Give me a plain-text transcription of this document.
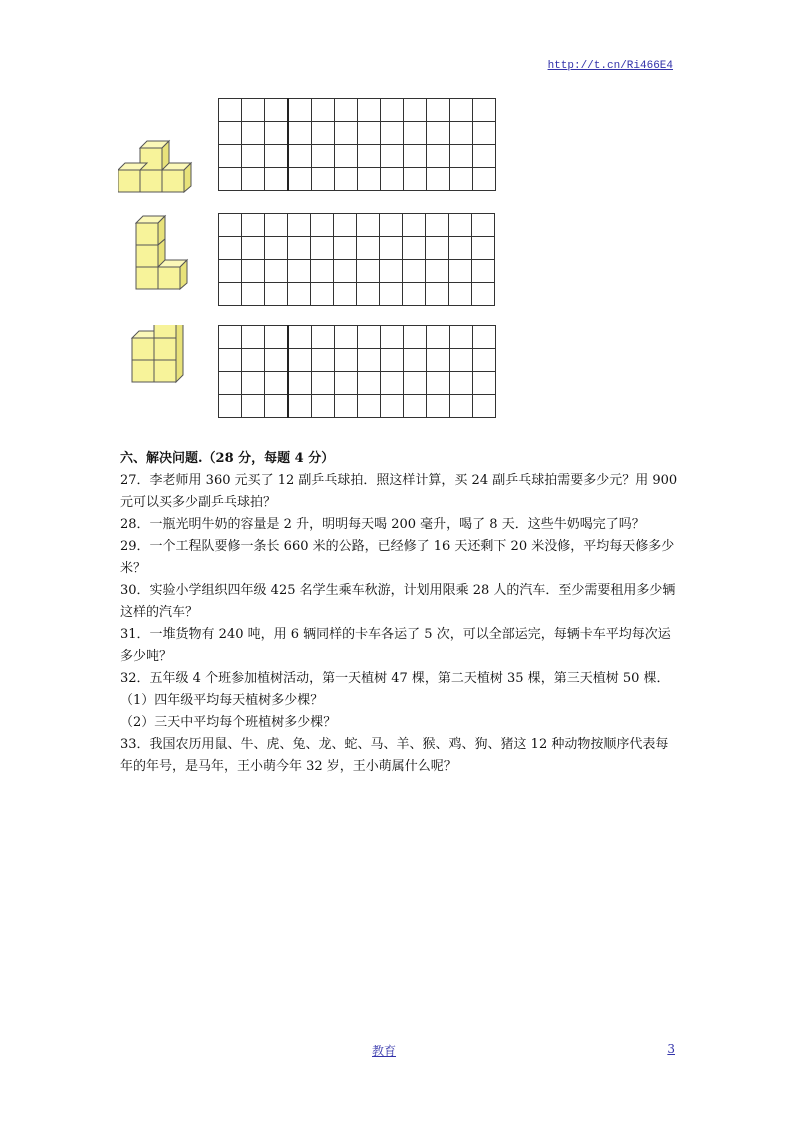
http://t.cn/Ri466E4

六、解决问题.（28 分，每题 4 分）

27．李老师用 360 元买了 12 副乒乓球拍．照这样计算，买 24 副乒乓球拍需要多少元？用 900 元可以买多少副乒乓球拍？

28．一瓶光明牛奶的容量是 2 升，明明每天喝 200 毫升，喝了 8 天．这些牛奶喝完了吗？

29．一个工程队要修一条长 660 米的公路，已经修了 16 天还剩下 20 米没修，平均每天修多少米？

30．实验小学组织四年级 425 名学生乘车秋游，计划用限乘 28 人的汽车．至少需要租用多少辆这样的汽车？

31．一堆货物有 240 吨，用 6 辆同样的卡车各运了 5 次，可以全部运完，每辆卡车平均每次运多少吨？

32．五年级 4 个班参加植树活动，第一天植树 47 棵，第二天植树 35 棵，第三天植树 50 棵．

（1）四年级平均每天植树多少棵？

（2）三天中平均每个班植树多少棵？

33．我国农历用鼠、牛、虎、兔、龙、蛇、马、羊、猴、鸡、狗、猪这 12 种动物按顺序代表每年的年号，是马年，王小萌今年 32 岁，王小萌属什么呢？

教育	3
